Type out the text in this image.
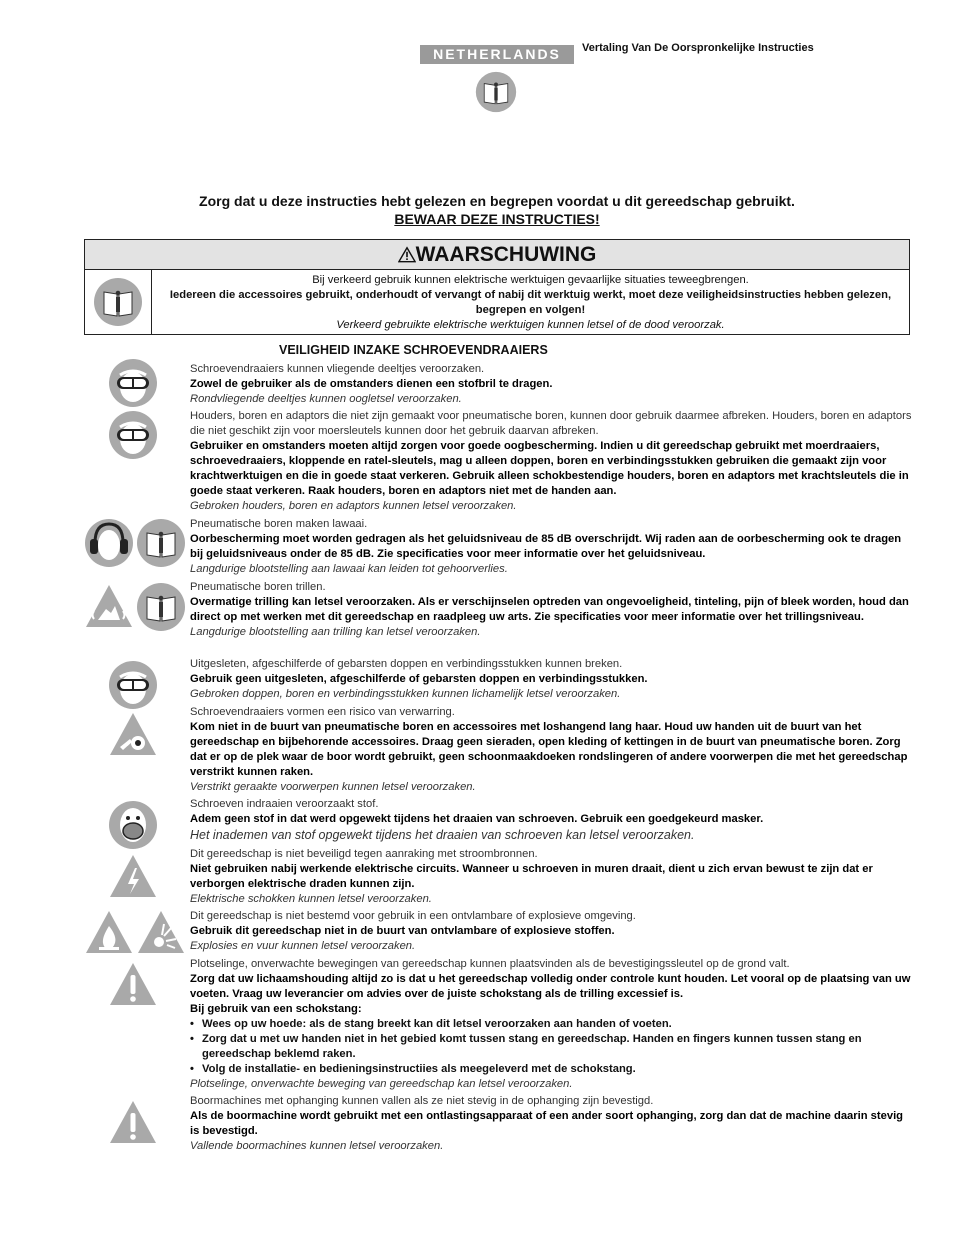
NETHERLANDS	Vertaling Van De Oorspronkelijke Instructies
Zorg dat u deze instructies hebt gelezen en begrepen voordat u dit gereedschap gebruikt.
BEWAAR DEZE INSTRUCTIES!
WAARSCHUWING
Bij verkeerd gebruik kunnen elektrische werktuigen gevaarlijke situaties teweegbrengen.
Iedereen die accessoires gebruikt, onderhoudt of vervangt of nabij dit werktuig werkt, moet deze veiligheidsinstructies hebben gelezen, begrepen en volgen!
Verkeerd gebruikte elektrische werktuigen kunnen letsel of de dood veroorzak.
VEILIGHEID INZAKE SCHROEVENDRAAIERS

Schroevendraaiers kunnen vliegende deeltjes veroorzaken.

Zowel de gebruiker als de omstanders dienen een stofbril te dragen.

Rondvliegende deeltjes kunnen oogletsel veroorzaken.

Houders, boren en adaptors die niet zijn gemaakt voor pneumatische boren, kunnen door gebruik daarmee afbreken. Houders, boren en adaptors die niet geschikt zijn voor moersleutels kunnen door het gebruik daarvan afbreken.

Gebruiker en omstanders moeten altijd zorgen voor goede oogbescherming. Indien u dit gereedschap gebruikt met moerdraaiers, schroevedraaiers, kloppende en ratel-sleutels, mag u alleen doppen, boren en verbindingsstukken gebruiken die gemaakt zijn voor krachtwerktuigen en die in goede staat verkeren. Gebruik alleen schokbestendige houders, boren en adaptors met krachtsleutels die in goede staat verkeren. Raak houders, boren en adaptors niet met de handen aan.

Gebroken houders, boren en adaptors kunnen letsel veroorzaken.

Pneumatische boren maken lawaai.

Oorbescherming moet worden gedragen als het geluidsniveau de 85 dB overschrijdt. Wij raden aan de oorbescherming ook te dragen bij geluidsniveaus onder de 85 dB. Zie specificaties voor meer informatie over het geluidsniveau.

Langdurige blootstelling aan lawaai kan leiden tot gehoorverlies.

Pneumatische boren trillen.

Overmatige trilling kan letsel veroorzaken. Als er verschijnselen optreden van ongevoeligheid, tinteling, pijn of bleek worden, houd dan direct op met werken met dit gereedschap en raadpleeg uw arts. Zie specificaties voor meer informatie over het trillingsniveau.

Langdurige blootstelling aan trilling kan letsel veroorzaken.

Uitgesleten, afgeschilferde of gebarsten doppen en verbindingsstukken kunnen breken.

Gebruik geen uitgesleten, afgeschilferde of gebarsten doppen en verbindingsstukken.

Gebroken doppen, boren en verbindingsstukken kunnen lichamelijk letsel veroorzaken.

Schroevendraaiers vormen een risico van verwarring.

Kom niet in de buurt van pneumatische boren en accessoires met loshangend lang haar. Houd uw handen uit de buurt van het gereedschap en bijbehorende accessoires. Draag geen sieraden, open kleding of kettingen in de buurt van pneumatische boren. Zorg dat er op de plek waar de boor wordt gebruikt, geen schoonmaakdoeken rondslingeren of andere voorwerpen die met het gereedschap verstrikt kunnen raken.

Verstrikt geraakte voorwerpen kunnen letsel veroorzaken.

Schroeven indraaien veroorzaakt stof.

Adem geen stof in dat werd opgewekt tijdens het draaien van schroeven. Gebruik een goedgekeurd masker.

Het inademen van stof opgewekt tijdens het draaien van schroeven kan letsel veroorzaken.

Dit gereedschap is niet beveiligd tegen aanraking met stroombronnen.

Niet gebruiken nabij werkende elektrische circuits. Wanneer u schroeven in muren draait, dient u zich ervan bewust te zijn dat er verborgen elektrische draden kunnen zijn.

Elektrische schokken kunnen letsel veroorzaken.

Dit gereedschap is niet bestemd voor gebruik in een ontvlambare of explosieve omgeving.

Gebruik dit gereedschap niet in de buurt van ontvlambare of explosieve stoffen.

Explosies en vuur kunnen letsel veroorzaken.

Plotselinge, onverwachte bewegingen van gereedschap kunnen plaatsvinden als de bevestigingssleutel op de grond valt.

Zorg dat uw lichaamshouding altijd zo is dat u het gereedschap volledig onder controle kunt houden. Let vooral op de plaatsing van uw voeten. Vraag uw leverancier om advies over de juiste schokstang als de trilling excessief is.

Bij gebruik van een schokstang:

• Wees op uw hoede: als de stang breekt kan dit letsel veroorzaken aan handen of voeten.
• Zorg dat u met uw handen niet in het gebied komt tussen stang en gereedschap. Handen en fingers kunnen tussen stang en gereedschap beklemd raken.
• Volg de installatie- en bedieningsinstructiies als meegeleverd met de schokstang.

Plotselinge, onverwachte beweging van gereedschap kan letsel veroorzaken.

Boormachines met ophanging kunnen vallen als ze niet stevig in de ophanging zijn bevestigd.

Als de boormachine wordt gebruikt met een ontlastingsapparaat of een ander soort ophanging, zorg dan dat de machine daarin stevig is bevestigd.

Vallende boormachines kunnen letsel veroorzaken.
